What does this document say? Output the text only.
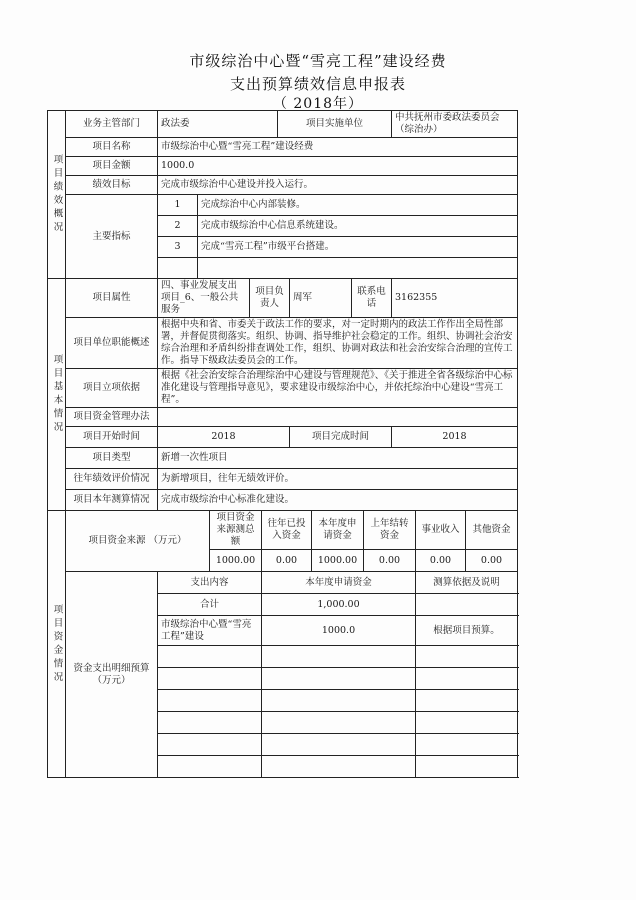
市级综治中心暨“雪亮工程”建设经费
支出预算绩效信息申报表
（ 2018年）
项目绩效概况	业务主管部门	政法委		项目实施单位	中共抚州市委政法委员会（综治办）
	项目名称	市级综治中心暨“雪亮工程”建设经费			
	项目金额	1000.0			
	绩效目标	完成市级综治中心建设并投入运行。			
	主要指标	1	完成综治中心内部装修。		
		2	完成市级综治中心信息系统建设。		
		3	完成“雪亮工程”市级平台搭建。		

项目基本情况	项目属性	四、事业发展支出项目_6、一般公共服务	项目负责人	周军	联系电话	3162355
	项目单位职能概述	根据中央和省、市委关于政法工作的要求，对一定时期内的政法工作作出全局性部署，并督促贯彻落实。组织、协调、指导维护社会稳定的工作。组织、协调社会治安综合治理和矛盾纠纷排查调处工作，组织、协调对政法和社会治安综合治理的宣传工作。指导下级政法委员会的工作。				
	项目立项依据	根据《社会治安综合治理综治中心建设与管理规范》、《关于推进全省各级综治中心标准化建设与管理指导意见》，要求建设市级综治中心，并依托综治中心建设“雪亮工程”。				
	项目资金管理办法					
	项目开始时间	2018		项目完成时间		2018
	项目类型	新增一次性项目				
	往年绩效评价情况	为新增项目，往年无绩效评价。				
	项目本年测算情况	完成市级综治中心标准化建设。				
项目资金情况	项目资金来源 （万元）		项目资金来源测总额	往年已投入资金	本年度申请资金	上年结转资金	事业收入	其他资金
			1000.00	0.00	1000.00	0.00	0.00	0.00
	资金支出明细预算 （万元）	支出内容		本年度申请资金			测算依据及说明	
		合计		1,000.00				
		市级综治中心暨“雪亮工程”建设		1000.0			根据项目预算。	
